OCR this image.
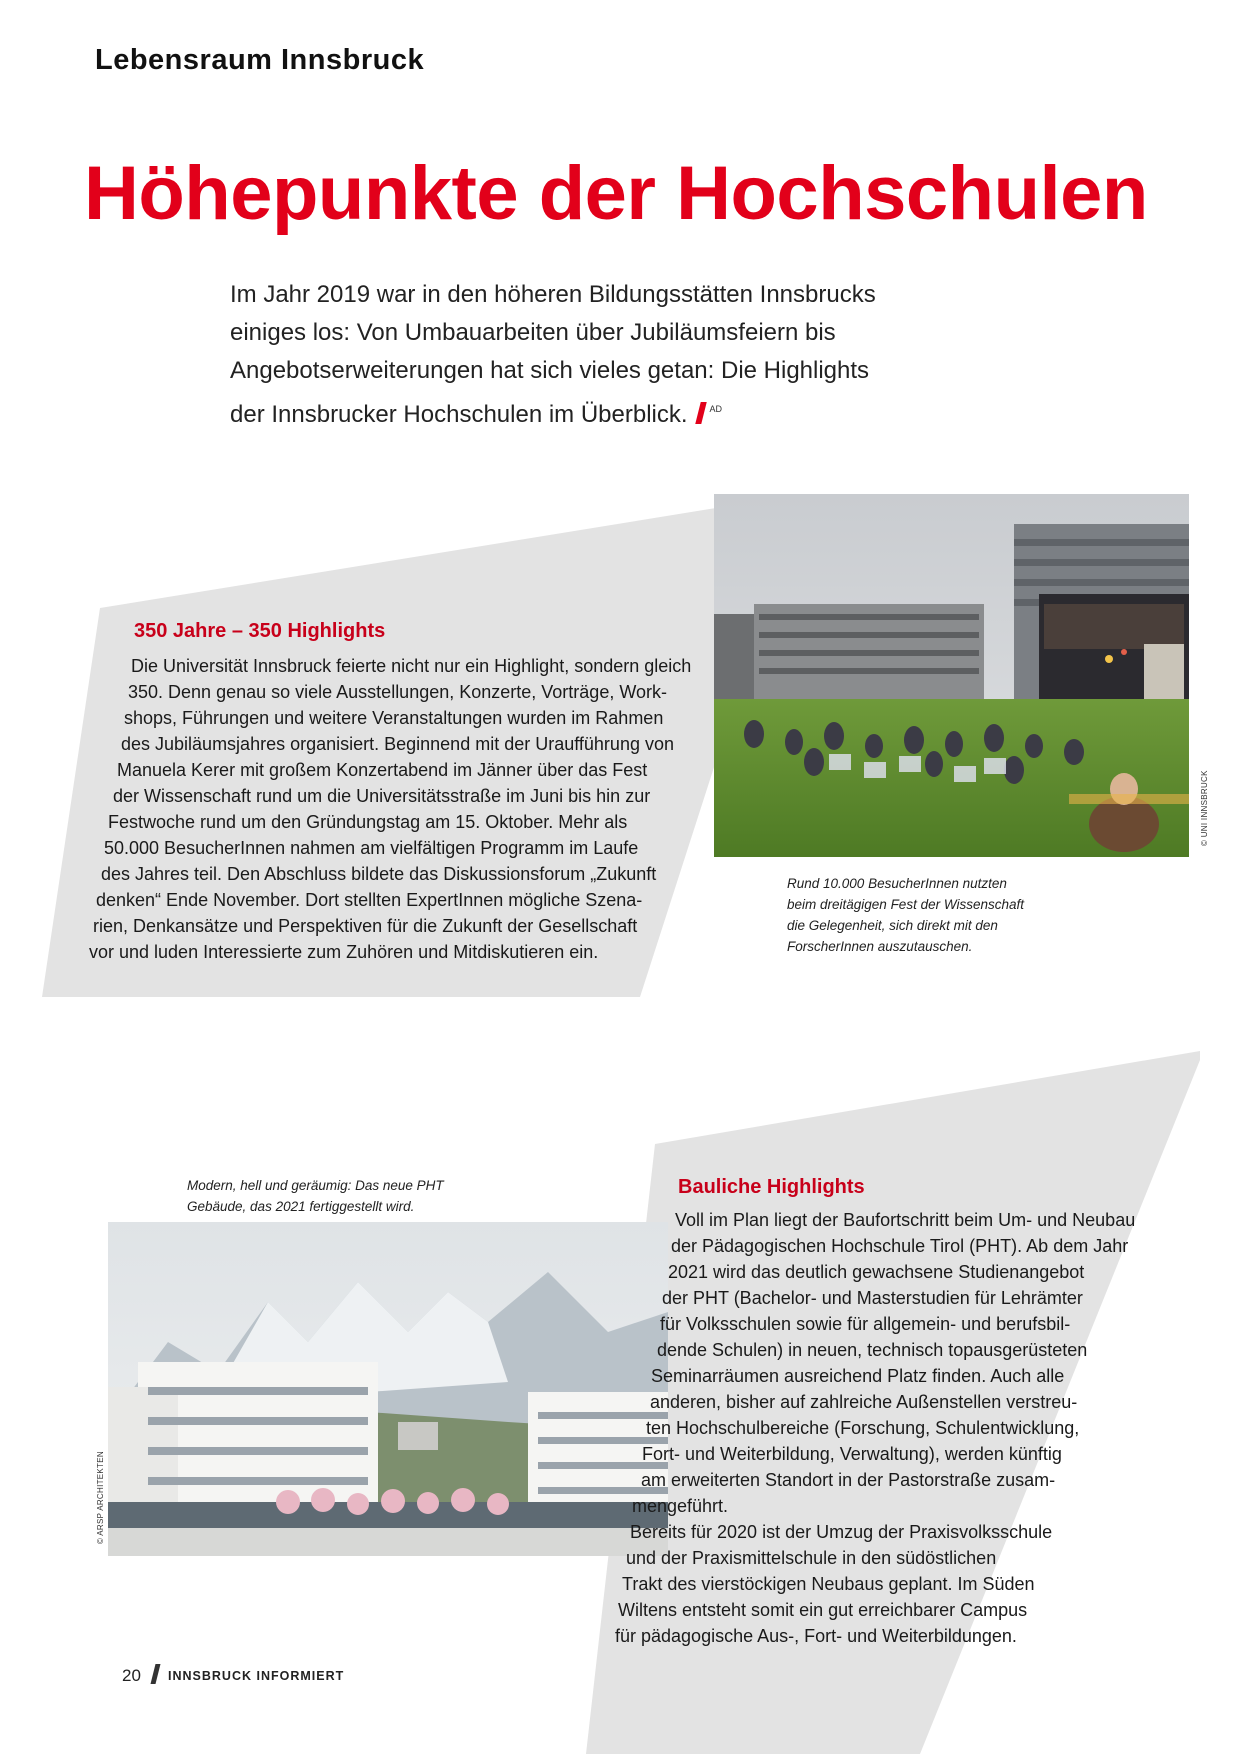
Lebensraum Innsbruck
Höhepunkte der Hochschulen
Im Jahr 2019 war in den höheren Bildungsstätten Innsbrucks
einiges los: Von Umbauarbeiten über Jubiläumsfeiern bis
Angebotserweiterungen hat sich vieles getan: Die Highlights
der Innsbrucker Hochschulen im Überblick. $^{AD}$
350 Jahre – 350 Highlights
Die Universität Innsbruck feierte nicht nur ein Highlight, sondern gleich
350. Denn genau so viele Ausstellungen, Konzerte, Vorträge, Work-
shops, Führungen und weitere Veranstaltungen wurden im Rahmen
des Jubiläumsjahres organisiert. Beginnend mit der Uraufführung von
Manuela Kerer mit großem Konzertabend im Jänner über das Fest
der Wissenschaft rund um die Universitätsstraße im Juni bis hin zur
Festwoche rund um den Gründungstag am 15. Oktober. Mehr als
50.000 BesucherInnen nahmen am vielfältigen Programm im Laufe
des Jahres teil. Den Abschluss bildete das Diskussionsforum „Zukunft
denken“ Ende November. Dort stellten ExpertInnen mögliche Szena-
rien, Denkansätze und Perspektiven für die Zukunft der Gesellschaft
vor und luden Interessierte zum Zuhören und Mitdiskutieren ein.
© UNI INNSBRUCK
Rund 10.000 BesucherInnen nutzten
beim dreitägigen Fest der Wissenschaft
die Gelegenheit, sich direkt mit den
ForscherInnen auszutauschen.
Modern, hell und geräumig: Das neue PHT
Gebäude, das 2021 fertiggestellt wird.
© ARSP ARCHITEKTEN
Bauliche Highlights
Voll im Plan liegt der Baufortschritt beim Um- und Neubau
der Pädagogischen Hochschule Tirol (PHT). Ab dem Jahr
2021 wird das deutlich gewachsene Studienangebot
der PHT (Bachelor- und Masterstudien für Lehrämter
für Volksschulen sowie für allgemein- und berufsbil-
dende Schulen) in neuen, technisch topausgerüsteten
Seminarräumen ausreichend Platz finden. Auch alle
anderen, bisher auf zahlreiche Außenstellen verstreu-
ten Hochschulbereiche (Forschung, Schulentwicklung,
Fort- und Weiterbildung, Verwaltung), werden künftig
am erweiterten Standort in der Pastorstraße zusam-
mengeführt.
Bereits für 2020 ist der Umzug der Praxisvolksschule
und der Praxismittelschule in den südöstlichen
Trakt des vierstöckigen Neubaus geplant. Im Süden
Wiltens entsteht somit ein gut erreichbarer Campus
für pädagogische Aus-, Fort- und Weiterbildungen.
20 INNSBRUCK INFORMIERT
